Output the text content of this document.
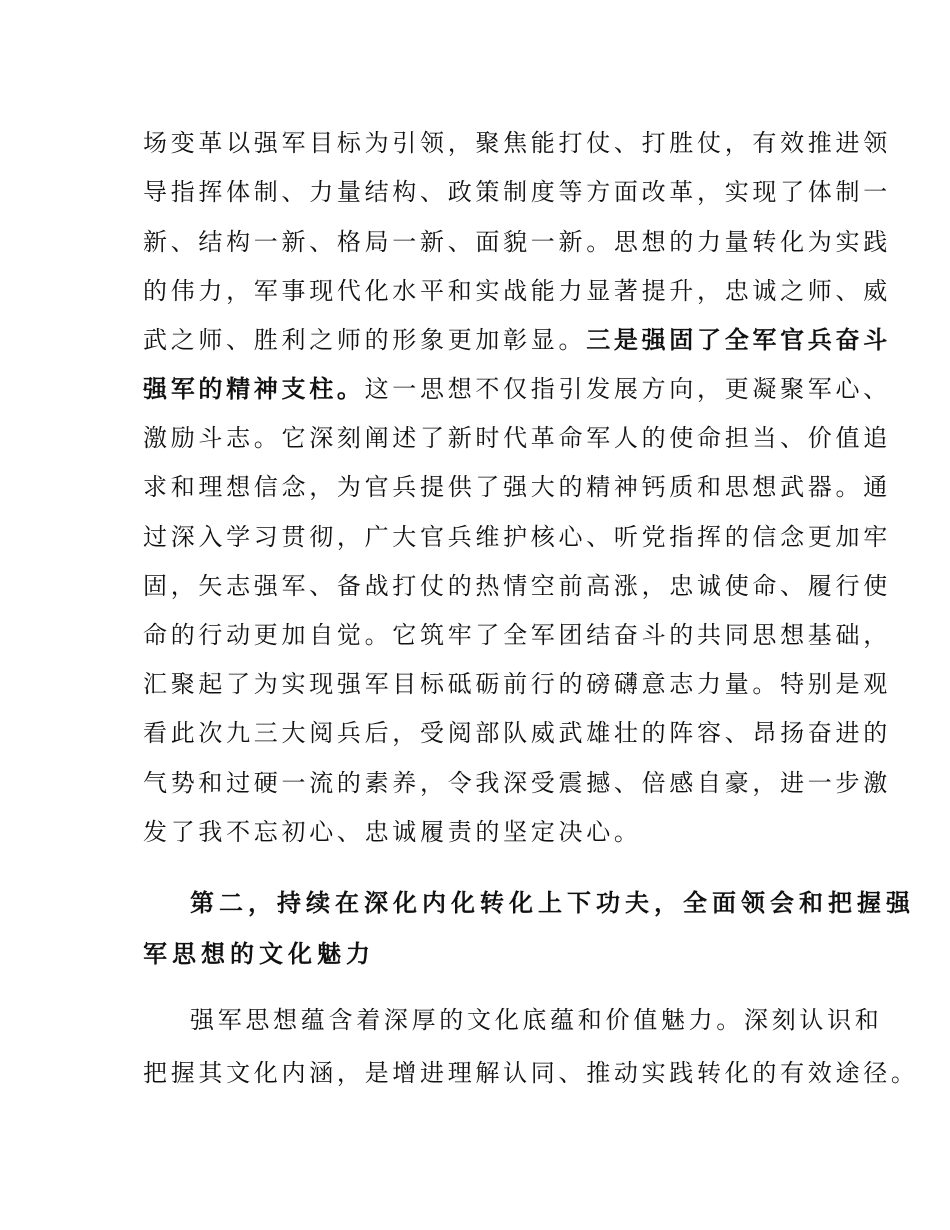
场变革以强军目标为引领，聚焦能打仗、打胜仗，有效推进领
导指挥体制、力量结构、政策制度等方面改革，实现了体制一
新、结构一新、格局一新、面貌一新。思想的力量转化为实践
的伟力，军事现代化水平和实战能力显著提升，忠诚之师、威
武之师、胜利之师的形象更加彰显。三是强固了全军官兵奋斗
强军的精神支柱。这一思想不仅指引发展方向，更凝聚军心、
激励斗志。它深刻阐述了新时代革命军人的使命担当、价值追
求和理想信念，为官兵提供了强大的精神钙质和思想武器。通
过深入学习贯彻，广大官兵维护核心、听党指挥的信念更加牢
固，矢志强军、备战打仗的热情空前高涨，忠诚使命、履行使
命的行动更加自觉。它筑牢了全军团结奋斗的共同思想基础，
汇聚起了为实现强军目标砥砺前行的磅礴意志力量。特别是观
看此次九三大阅兵后，受阅部队威武雄壮的阵容、昂扬奋进的
气势和过硬一流的素养，令我深受震撼、倍感自豪，进一步激
发了我不忘初心、忠诚履责的坚定决心。
第二，持续在深化内化转化上下功夫，全面领会和把握强
军思想的文化魅力
强军思想蕴含着深厚的文化底蕴和价值魅力。深刻认识和
把握其文化内涵，是增进理解认同、推动实践转化的有效途径。
